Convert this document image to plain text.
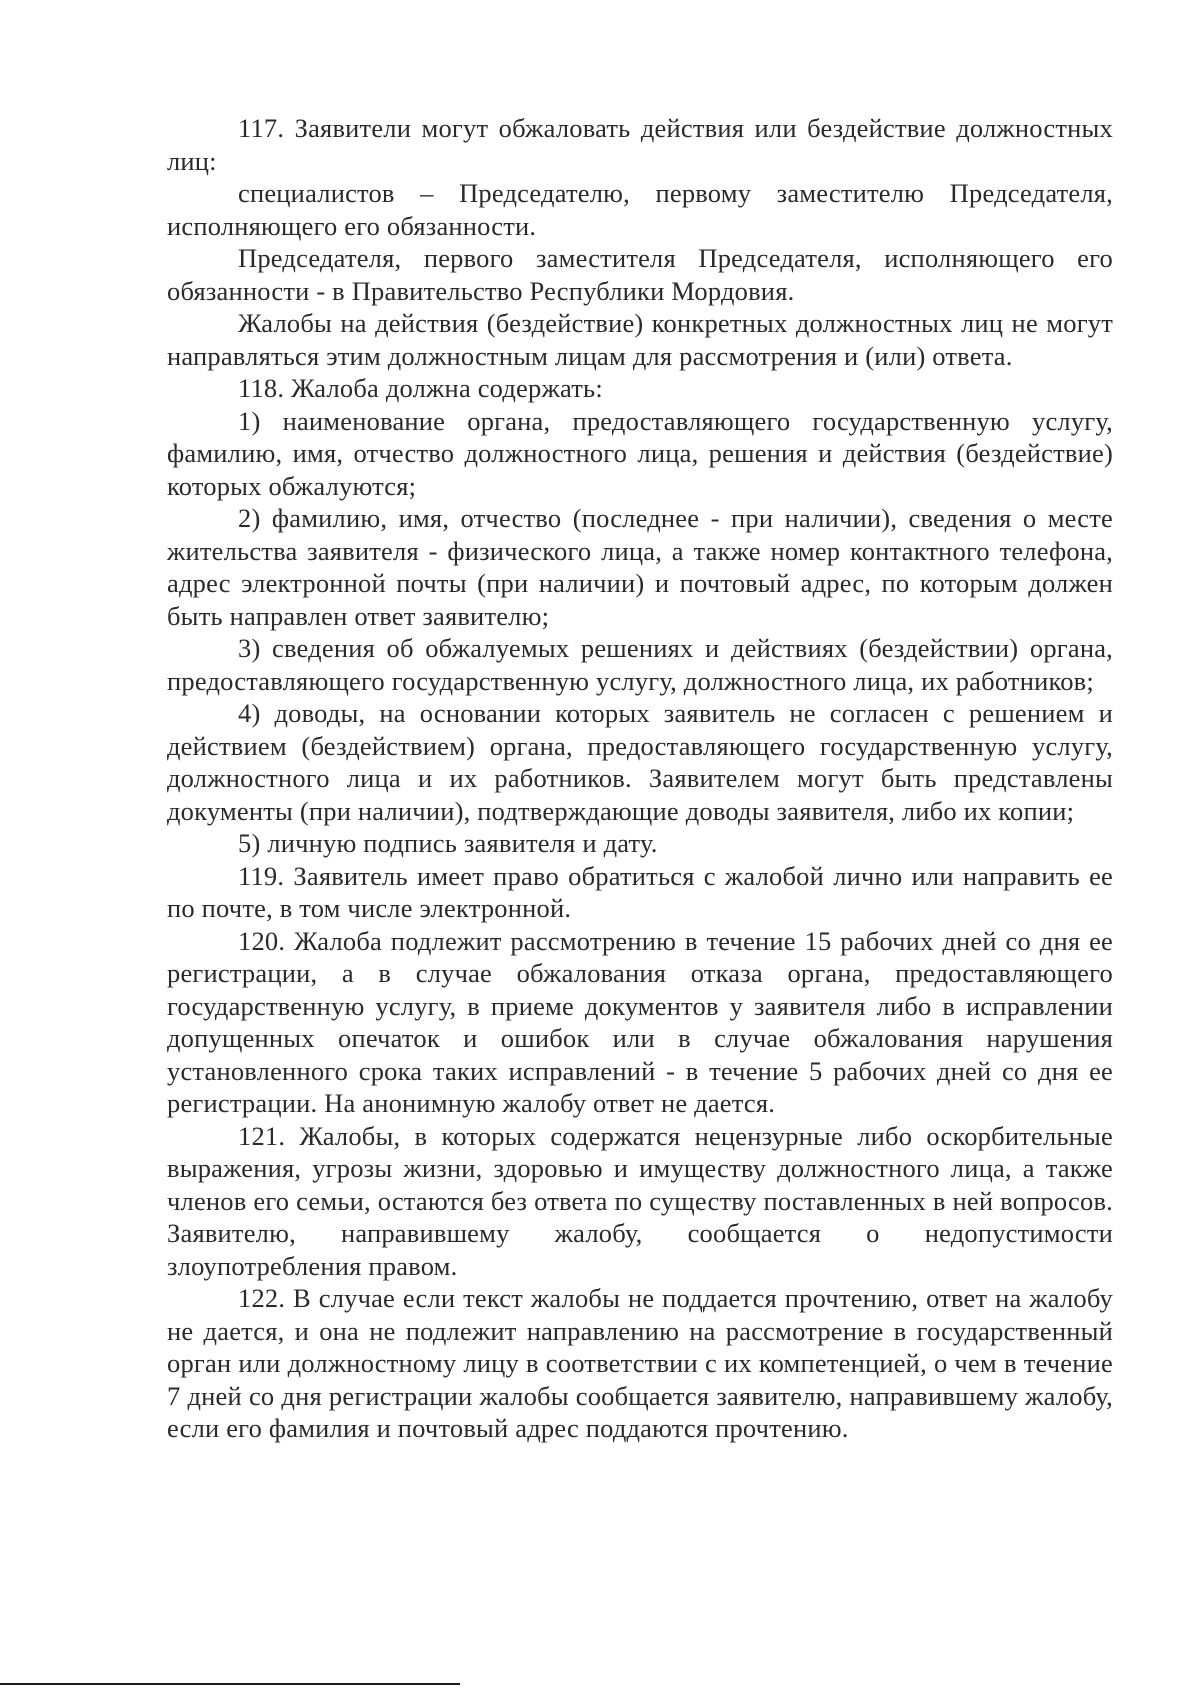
117. Заявители могут обжаловать действия или бездействие должностных лиц:

специалистов – Председателю, первому заместителю Председателя, исполняющего его обязанности.

Председателя, первого заместителя Председателя, исполняющего его обязанности - в Правительство Республики Мордовия.

Жалобы на действия (бездействие) конкретных должностных лиц не могут направляться этим должностным лицам для рассмотрения и (или) ответа.

118. Жалоба должна содержать:

1) наименование органа, предоставляющего государственную услугу, фамилию, имя, отчество должностного лица, решения и действия (бездействие) которых обжалуются;

2) фамилию, имя, отчество (последнее - при наличии), сведения о месте жительства заявителя - физического лица, а также номер контактного телефона, адрес электронной почты (при наличии) и почтовый адрес, по которым должен быть направлен ответ заявителю;

3) сведения об обжалуемых решениях и действиях (бездействии) органа, предоставляющего государственную услугу, должностного лица, их работников;

4) доводы, на основании которых заявитель не согласен с решением и действием (бездействием) органа, предоставляющего государственную услугу, должностного лица и их работников. Заявителем могут быть представлены документы (при наличии), подтверждающие доводы заявителя, либо их копии;

5) личную подпись заявителя и дату.

119. Заявитель имеет право обратиться с жалобой лично или направить ее по почте, в том числе электронной.

120. Жалоба подлежит рассмотрению в течение 15 рабочих дней со дня ее регистрации, а в случае обжалования отказа органа, предоставляющего государственную услугу, в приеме документов у заявителя либо в исправлении допущенных опечаток и ошибок или в случае обжалования нарушения установленного срока таких исправлений - в течение 5 рабочих дней со дня ее регистрации. На анонимную жалобу ответ не дается.

121. Жалобы, в которых содержатся нецензурные либо оскорбительные выражения, угрозы жизни, здоровью и имуществу должностного лица, а также членов его семьи, остаются без ответа по существу поставленных в ней вопросов. Заявителю, направившему жалобу, сообщается о недопустимости злоупотребления правом.

122. В случае если текст жалобы не поддается прочтению, ответ на жалобу не дается, и она не подлежит направлению на рассмотрение в государственный орган или должностному лицу в соответствии с их компетенцией, о чем в течение 7 дней со дня регистрации жалобы сообщается заявителю, направившему жалобу, если его фамилия и почтовый адрес поддаются прочтению.
